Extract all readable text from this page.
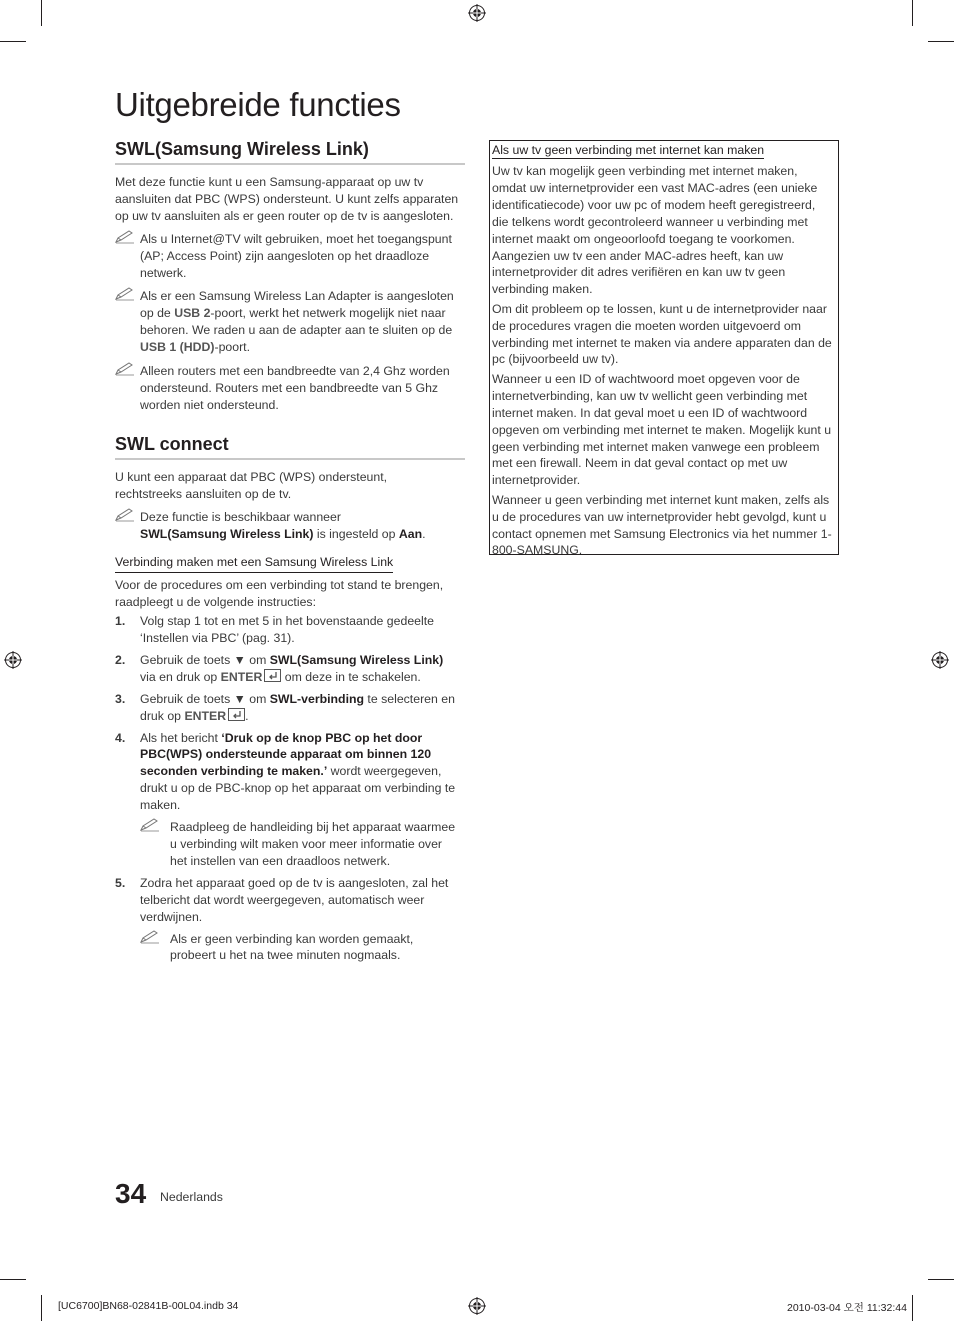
Uitgebreide functies
SWL(Samsung Wireless Link)

Met deze functie kunt u een Samsung-apparaat op uw tv aansluiten dat PBC (WPS) ondersteunt. U kunt zelfs apparaten op uw tv aansluiten als er geen router op de tv is aangesloten.

Als u Internet@TV wilt gebruiken, moet het toegangspunt (AP; Access Point) zijn aangesloten op het draadloze netwerk.

Als er een Samsung Wireless Lan Adapter is aangesloten op de USB 2-poort, werkt het netwerk mogelijk niet naar behoren. We raden u aan de adapter aan te sluiten op de USB 1 (HDD)-poort.

Alleen routers met een bandbreedte van 2,4 Ghz worden ondersteund. Routers met een bandbreedte van 5 Ghz worden niet ondersteund.

SWL connect

U kunt een apparaat dat PBC (WPS) ondersteunt, rechtstreeks aansluiten op de tv.

Deze functie is beschikbaar wanneer
SWL(Samsung Wireless Link) is ingesteld op Aan.

Verbinding maken met een Samsung Wireless Link

Voor de procedures om een verbinding tot stand te brengen, raadpleegt u de volgende instructies:

1. Volg stap 1 tot en met 5 in het bovenstaande gedeelte ‘Instellen via PBC’ (pag. 31).

2. Gebruik de toets ▼ om SWL(Samsung Wireless Link) via en druk op ENTER
om deze in te schakelen.

3. Gebruik de toets ▼ om SWL-verbinding te selecteren en druk op ENTER .

4. Als het bericht ‘Druk op de knop PBC op het door PBC(WPS) ondersteunde apparaat om binnen 120 seconden verbinding te maken.’ wordt weergegeven, drukt u op de PBC-knop op het apparaat om verbinding te maken.

Raadpleeg de handleiding bij het apparaat waarmee u verbinding wilt maken voor meer informatie over het instellen van een draadloos netwerk.

5. Zodra het apparaat goed op de tv is aangesloten, zal het telbericht dat wordt weergegeven, automatisch weer verdwijnen.

Als er geen verbinding kan worden gemaakt, probeert u het na twee minuten nogmaals.

Als uw tv geen verbinding met internet kan maken

Uw tv kan mogelijk geen verbinding met internet maken, omdat uw internetprovider een vast MAC-adres (een unieke identificatiecode) voor uw pc of modem heeft geregistreerd, die telkens wordt gecontroleerd wanneer u verbinding met internet maakt om ongeoorloofd toegang te voorkomen. Aangezien uw tv een ander MAC-adres heeft, kan uw internetprovider dit adres verifiëren en kan uw tv geen verbinding maken.

Om dit probleem op te lossen, kunt u de internetprovider naar de procedures vragen die moeten worden uitgevoerd om verbinding met internet te maken via andere apparaten dan de pc (bijvoorbeeld uw tv).

Wanneer u een ID of wachtwoord moet opgeven voor de internetverbinding, kan uw tv wellicht geen verbinding met internet maken. In dat geval moet u een ID of wachtwoord opgeven om verbinding met internet te maken. Mogelijk kunt u geen verbinding met internet maken vanwege een probleem met een firewall. Neem in dat geval contact op met uw internetprovider.

Wanneer u geen verbinding met internet kunt maken, zelfs als u de procedures van uw internetprovider hebt gevolgd, kunt u contact opnemen met Samsung Electronics via het nummer 1-800-SAMSUNG.

34 Nederlands
[UC6700]BN68-02841B-00L04.indb 34	2010-03-04 오전 11:32:44
